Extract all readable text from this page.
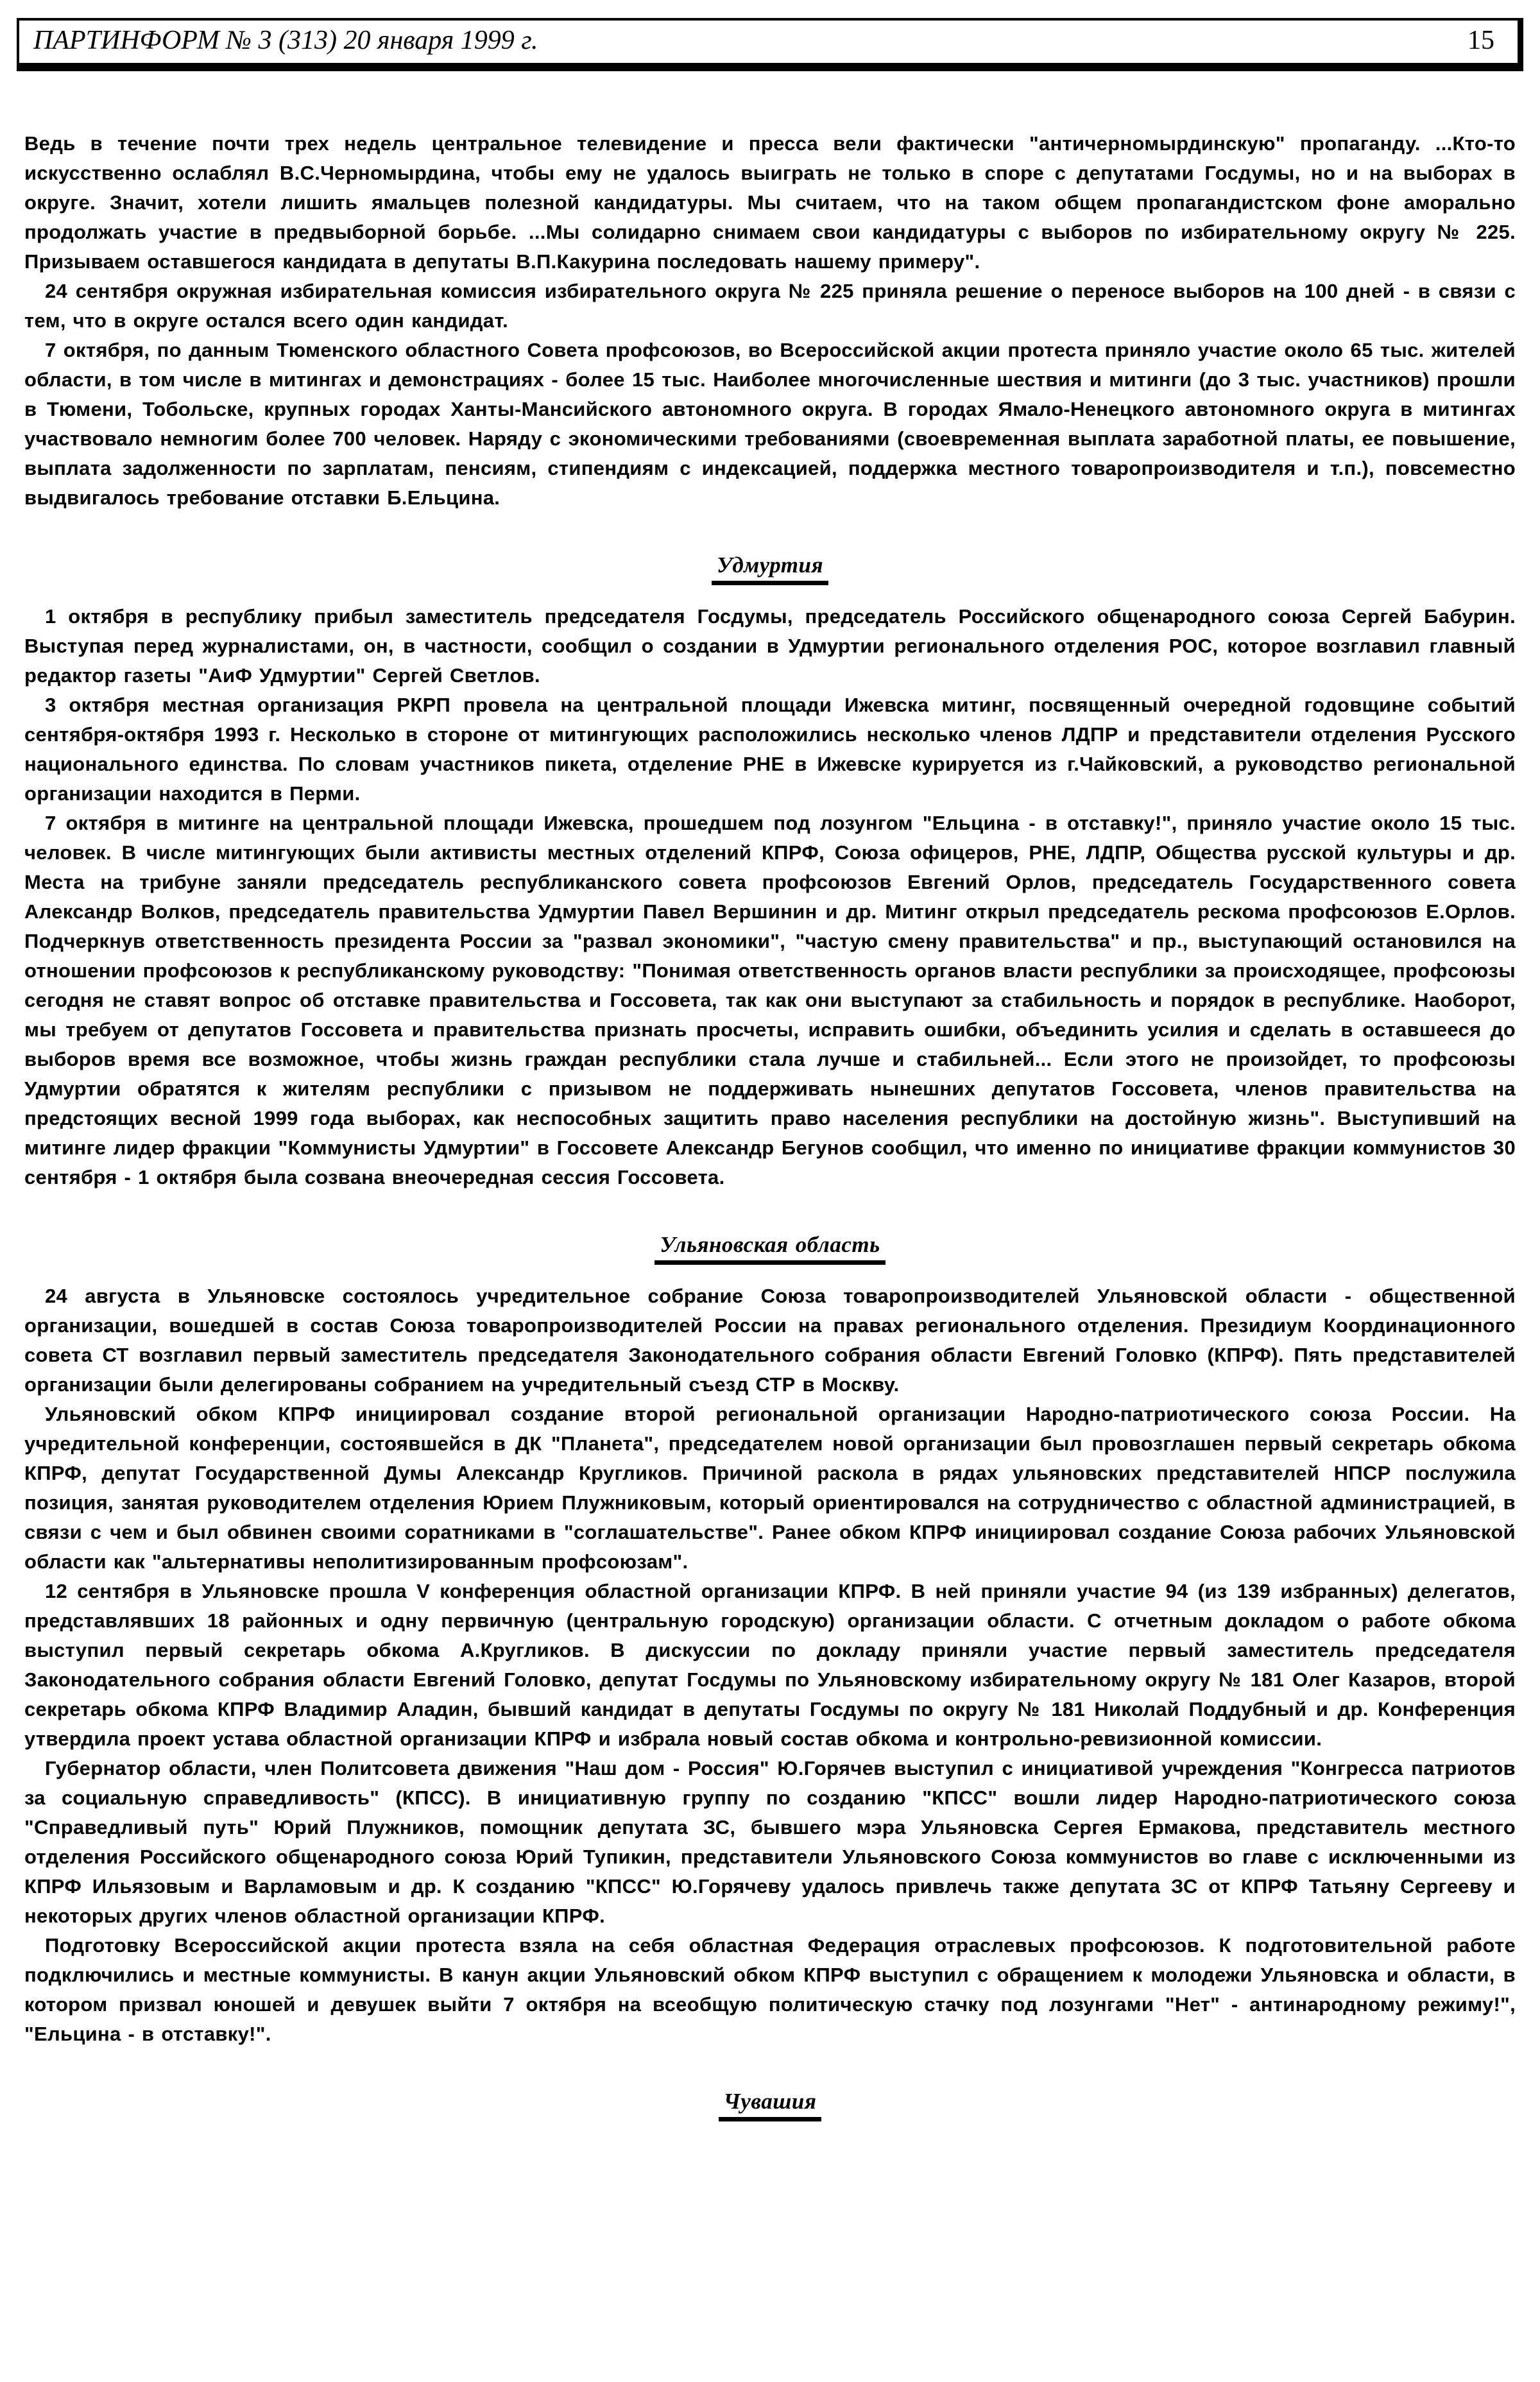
ПАРТИНФОРМ № 3 (313) 20 января 1999 г.	15

Ведь в течение почти трех недель центральное телевидение и пресса вели фактически "античерномырдинскую" пропаганду. ...Кто-то искусственно ослаблял В.С.Черномырдина, чтобы ему не удалось выиграть не только в споре с депутатами Госдумы, но и на выборах в округе. Значит, хотели лишить ямальцев полезной кандидатуры. Мы считаем, что на таком общем пропагандистском фоне аморально продолжать участие в предвыборной борьбе. ...Мы солидарно снимаем свои кандидатуры с выборов по избирательному округу № 225. Призываем оставшегося кандидата в депутаты В.П.Какурина последовать нашему примеру".

24 сентября окружная избирательная комиссия избирательного округа № 225 приняла решение о переносе выборов на 100 дней - в связи с тем, что в округе остался всего один кандидат.

7 октября, по данным Тюменского областного Совета профсоюзов, во Всероссийской акции протеста приняло участие около 65 тыс. жителей области, в том числе в митингах и демонстрациях - более 15 тыс. Наиболее многочисленные шествия и митинги (до 3 тыс. участников) прошли в Тюмени, Тобольске, крупных городах Ханты-Мансийского автономного округа. В городах Ямало-Ненецкого автономного округа в митингах участвовало немногим более 700 человек. Наряду с экономическими требованиями (своевременная выплата заработной платы, ее повышение, выплата задолженности по зарплатам, пенсиям, стипендиям с индексацией, поддержка местного товаропроизводителя и т.п.), повсеместно выдвигалось требование отставки Б.Ельцина.

Удмуртия

1 октября в республику прибыл заместитель председателя Госдумы, председатель Российского общенародного союза Сергей Бабурин. Выступая перед журналистами, он, в частности, сообщил о создании в Удмуртии регионального отделения РОС, которое возглавил главный редактор газеты "АиФ Удмуртии" Сергей Светлов.

3 октября местная организация РКРП провела на центральной площади Ижевска митинг, посвященный очередной годовщине событий сентября-октября 1993 г. Несколько в стороне от митингующих расположились несколько членов ЛДПР и представители отделения Русского национального единства. По словам участников пикета, отделение РНЕ в Ижевске курируется из г.Чайковский, а руководство региональной организации находится в Перми.

7 октября в митинге на центральной площади Ижевска, прошедшем под лозунгом "Ельцина - в отставку!", приняло участие около 15 тыс. человек. В числе митингующих были активисты местных отделений КПРФ, Союза офицеров, РНЕ, ЛДПР, Общества русской культуры и др. Места на трибуне заняли председатель республиканского совета профсоюзов Евгений Орлов, председатель Государственного совета Александр Волков, председатель правительства Удмуртии Павел Вершинин и др. Митинг открыл председатель рескома профсоюзов Е.Орлов. Подчеркнув ответственность президента России за "развал экономики", "частую смену правительства" и пр., выступающий остановился на отношении профсоюзов к республиканскому руководству: "Понимая ответственность органов власти республики за происходящее, профсоюзы сегодня не ставят вопрос об отставке правительства и Госсовета, так как они выступают за стабильность и порядок в республике. Наоборот, мы требуем от депутатов Госсовета и правительства признать просчеты, исправить ошибки, объединить усилия и сделать в оставшееся до выборов время все возможное, чтобы жизнь граждан республики стала лучше и стабильней... Если этого не произойдет, то профсоюзы Удмуртии обратятся к жителям республики с призывом не поддерживать нынешних депутатов Госсовета, членов правительства на предстоящих весной 1999 года выборах, как неспособных защитить право населения республики на достойную жизнь". Выступивший на митинге лидер фракции "Коммунисты Удмуртии" в Госсовете Александр Бегунов сообщил, что именно по инициативе фракции коммунистов 30 сентября - 1 октября была созвана внеочередная сессия Госсовета.

Ульяновская область

24 августа в Ульяновске состоялось учредительное собрание Союза товаропроизводителей Ульяновской области - общественной организации, вошедшей в состав Союза товаропроизводителей России на правах регионального отделения. Президиум Координационного совета СТ возглавил первый заместитель председателя Законодательного собрания области Евгений Головко (КПРФ). Пять представителей организации были делегированы собранием на учредительный съезд СТР в Москву.

Ульяновский обком КПРФ инициировал создание второй региональной организации Народно-патриотического союза России. На учредительной конференции, состоявшейся в ДК "Планета", председателем новой организации был провозглашен первый секретарь обкома КПРФ, депутат Государственной Думы Александр Кругликов. Причиной раскола в рядах ульяновских представителей НПСР послужила позиция, занятая руководителем отделения Юрием Плужниковым, который ориентировался на сотрудничество с областной администрацией, в связи с чем и был обвинен своими соратниками в "соглашательстве". Ранее обком КПРФ инициировал создание Союза рабочих Ульяновской области как "альтернативы неполитизированным профсоюзам".

12 сентября в Ульяновске прошла V конференция областной организации КПРФ. В ней приняли участие 94 (из 139 избранных) делегатов, представлявших 18 районных и одну первичную (центральную городскую) организации области. С отчетным докладом о работе обкома выступил первый секретарь обкома А.Кругликов. В дискуссии по докладу приняли участие первый заместитель председателя Законодательного собрания области Евгений Головко, депутат Госдумы по Ульяновскому избирательному округу № 181 Олег Казаров, второй секретарь обкома КПРФ Владимир Аладин, бывший кандидат в депутаты Госдумы по округу № 181 Николай Поддубный и др. Конференция утвердила проект устава областной организации КПРФ и избрала новый состав обкома и контрольно-ревизионной комиссии.

Губернатор области, член Политсовета движения "Наш дом - Россия" Ю.Горячев выступил с инициативой учреждения "Конгресса патриотов за социальную справедливость" (КПСС). В инициативную группу по созданию "КПСС" вошли лидер Народно-патриотического союза "Справедливый путь" Юрий Плужников, помощник депутата ЗС, бывшего мэра Ульяновска Сергея Ермакова, представитель местного отделения Российского общенародного союза Юрий Тупикин, представители Ульяновского Союза коммунистов во главе с исключенными из КПРФ Ильязовым и Варламовым и др. К созданию "КПСС" Ю.Горячеву удалось привлечь также депутата ЗС от КПРФ Татьяну Сергееву и некоторых других членов областной организации КПРФ.

Подготовку Всероссийской акции протеста взяла на себя областная Федерация отраслевых профсоюзов. К подготовительной работе подключились и местные коммунисты. В канун акции Ульяновский обком КПРФ выступил с обращением к молодежи Ульяновска и области, в котором призвал юношей и девушек выйти 7 октября на всеобщую политическую стачку под лозунгами "Нет" - антинародному режиму!", "Ельцина - в отставку!".

Чувашия
